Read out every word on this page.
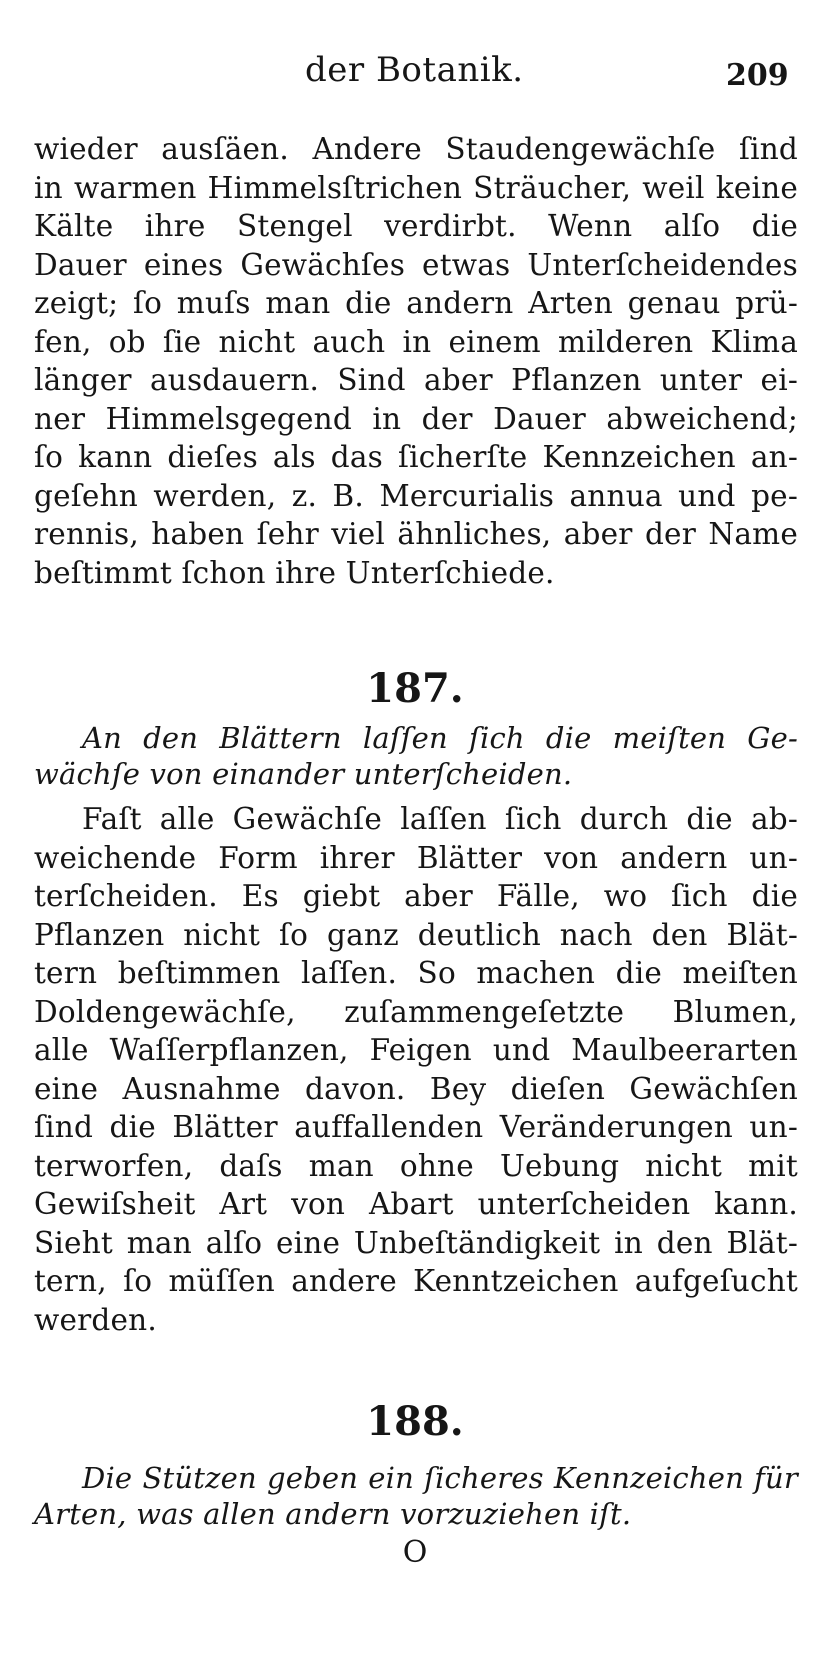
der Botanik.	209
wieder ausſäen. Andere Staudengewächſe ſind
in warmen Himmelsſtrichen Sträucher, weil keine
Kälte ihre Stengel verdirbt. Wenn alſo die
Dauer eines Gewächſes etwas Unterſcheidendes
zeigt; ſo muſs man die andern Arten genau prü-
fen, ob ſie nicht auch in einem milderen Klima
länger ausdauern. Sind aber Pflanzen unter ei-
ner Himmelsgegend in der Dauer abweichend;
ſo kann dieſes als das ſicherſte Kennzeichen an-
geſehn werden, z. B. Mercurialis annua und pe-
rennis, haben ſehr viel ähnliches, aber der Name
beſtimmt ſchon ihre Unterſchiede.
187.
An den Blättern laſſen ſich die meiſten Ge-
wächſe von einander unterſcheiden.
Faſt alle Gewächſe laſſen ſich durch die ab-
weichende Form ihrer Blätter von andern un-
terſcheiden. Es giebt aber Fälle, wo ſich die
Pflanzen nicht ſo ganz deutlich nach den Blät-
tern beſtimmen laſſen. So machen die meiſten
Doldengewächſe, zuſammengeſetzte Blumen,
alle Waſſerpflanzen, Feigen und Maulbeerarten
eine Ausnahme davon. Bey dieſen Gewächſen
ſind die Blätter auffallenden Veränderungen un-
terworfen, daſs man ohne Uebung nicht mit
Gewiſsheit Art von Abart unterſcheiden kann.
Sieht man alſo eine Unbeſtändigkeit in den Blät-
tern, ſo müſſen andere Kenntzeichen aufgeſucht
werden.
188.
Die Stützen geben ein ſicheres Kennzeichen für
Arten, was allen andern vorzuziehen iſt.
O
